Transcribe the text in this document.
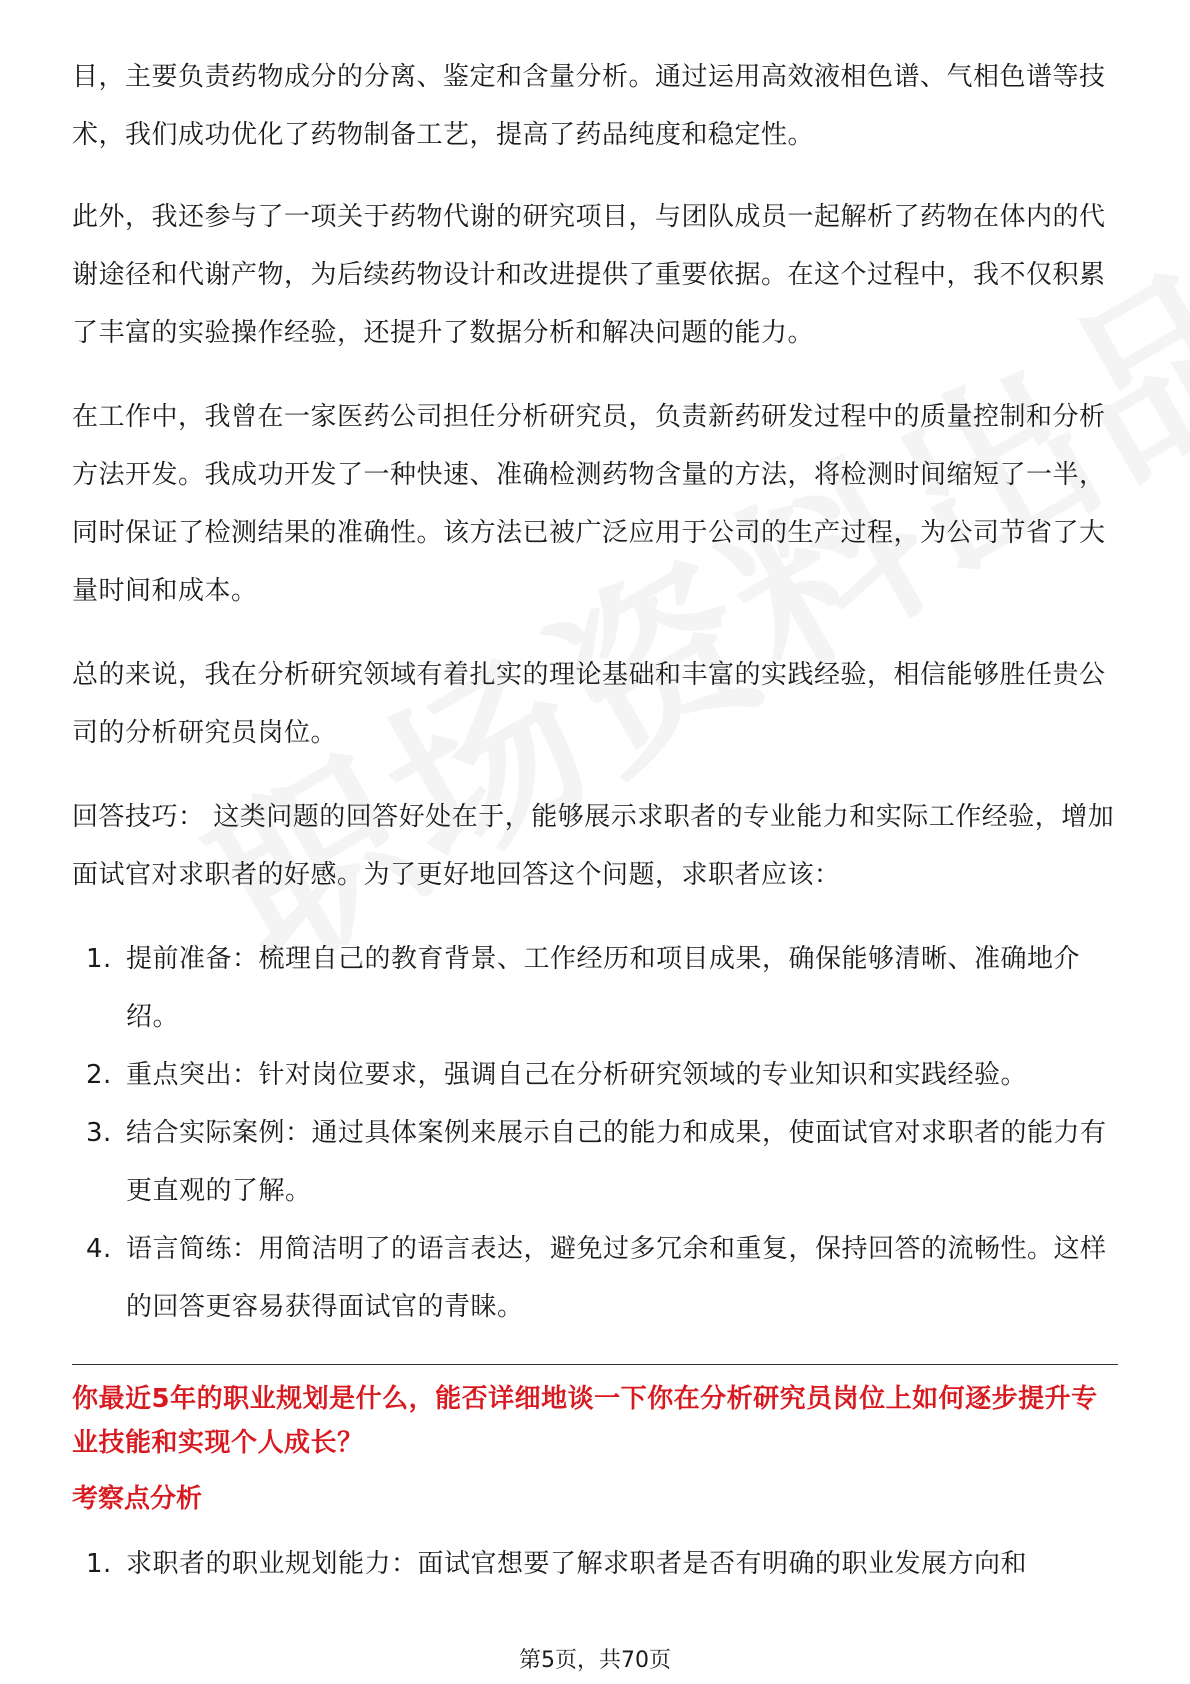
目，主要负责药物成分的分离、鉴定和含量分析。通过运用高效液相色谱、气相色谱等技术，我们成功优化了药物制备工艺，提高了药品纯度和稳定性。

此外，我还参与了一项关于药物代谢的研究项目，与团队成员一起解析了药物在体内的代谢途径和代谢产物，为后续药物设计和改进提供了重要依据。在这个过程中，我不仅积累了丰富的实验操作经验，还提升了数据分析和解决问题的能力。

在工作中，我曾在一家医药公司担任分析研究员，负责新药研发过程中的质量控制和分析方法开发。我成功开发了一种快速、准确检测药物含量的方法，将检测时间缩短了一半，同时保证了检测结果的准确性。该方法已被广泛应用于公司的生产过程，为公司节省了大量时间和成本。

总的来说，我在分析研究领域有着扎实的理论基础和丰富的实践经验，相信能够胜任贵公司的分析研究员岗位。

回答技巧： 这类问题的回答好处在于，能够展示求职者的专业能力和实际工作经验，增加面试官对求职者的好感。为了更好地回答这个问题，求职者应该：

1. 提前准备：梳理自己的教育背景、工作经历和项目成果，确保能够清晰、准确地介绍。
2. 重点突出：针对岗位要求，强调自己在分析研究领域的专业知识和实践经验。
3. 结合实际案例：通过具体案例来展示自己的能力和成果，使面试官对求职者的能力有更直观的了解。
4. 语言简练：用简洁明了的语言表达，避免过多冗余和重复，保持回答的流畅性。这样的回答更容易获得面试官的青睐。
你最近5年的职业规划是什么，能否详细地谈一下你在分析研究员岗位上如何逐步提升专业技能和实现个人成长？
考察点分析
1. 求职者的职业规划能力：面试官想要了解求职者是否有明确的职业发展方向和
第5页，共70页
